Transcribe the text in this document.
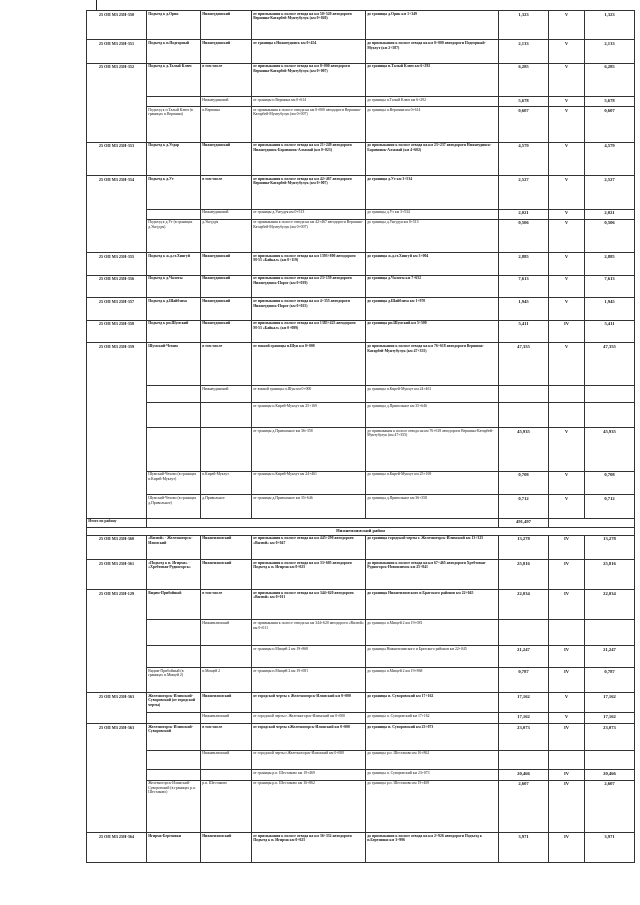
25 ОП МЗ 25Н-350	Подъезд к д.Орик	Нижнеудинский	от примыкания к полосе отвода на км 50+520 автодороги Вершина-Катарбей-Мунтубулук (км 0+020)	до границы д.Орик км 1+349	1,323	V	1,323
25 ОП МЗ 25Н-351	Подъезд к п.Подгорный	Нижнеудинский	от границы г.Нижнеудинск км 0+454	до примыкания к полосе отвода на км 0+000 автодороги Подгорный-Мукхут (км 2+587)	2,133	V	2,133
25 ОП МЗ 25Н-352	Подъезд к д.Талый Ключ	в том числе	от примыкания к полосе отвода на км 0+000 автодороги Вершина-Катарбей-Мунтубулук (км 0+007)	до границы п.Талый Ключ км 6+292	6,285	V	6,285
		Нижнеудинский	от границы п.Вершина км 0+614	до границы п.Талый Ключ км 6+292	5,678	V	5,678
	Подъезд к п.Талый Ключ (в границах п.Вершина)	п.Вершина	от примыкания к полосе отвода на км 0+000 автодороги Вершина-Катарбей-Мунтубулук (км 0+007)	до границы п.Вершина км 0+614	0,607	V	0,607
25 ОП МЗ 25Н-353	Подъезд к д.Угдар	Нижнеудинский	от примыкания к полосе отвода на км 21+249 автодороги Нижнеудинск-Боровинок-Алзамай (км 0+023)	до примыкания к полосе отвода на км 23+237 автодороги Нижнеудинск-Боровинок-Алзамай (км 4+602)	4,579	V	4,579
25 ОП МЗ 25Н-354	Подъезд к д.Ут	в том числе	от примыкания к полосе отвода на км 42+467 автодороги Вершина-Катарбей-Мунтубулук (км 0+007)	до границы д.Ут км 3+534	2,527	V	2,527
		Нижнеудинский	от границы д.Унгудуя км 0+513	до границы д.Ут км 3+534	2,021	V	2,021
	Подъезд к д.Ут (в границах д.Унгудуя)	д.Унгудуя	от примыкания к полосе отвода на км 42+467 автодороги Вершина-Катарбей-Мунтубулук (км 0+007)	до границы д.Унгудуя км 0+513	0,506	V	0,506
25 ОП МЗ 25Н-355	Подъезд к ж.д.ст.Хингуй	Нижнеудинский	от примыкания к полосе отвода на км 1393+800 автодороги М-53 «Байкал» (км 0+119)	до границы ж.д.ст.Хингуй км 3+004	2,885	V	2,885
25 ОП МЗ 25Н-356	Подъезд к д.Чалоты	Нижнеудинский	от примыкания к полосе отвода на км 23+159 автодороги Нижнеудинск-Порог (км 0+039)	до границы д.Чалоты км 7+652	7,613	V	7,613
25 ОП МЗ 25Н-357	Подъезд к д.Шайбэиха	Нижнеудинский	от примыкания к полосе отвода на км 4+355 автодороги Нижнеудинск-Порог (км 0+025)	до границы д.Шайбэиха км 1+970	1,945	V	1,945
25 ОП МЗ 25Н-358	Подъезд к рп.Шумский	Нижнеудинский	от примыкания к полосе отвода на км 1385+425 автодороги М-53 «Байкал» (км 0+089)	до границы рп.Шумский км 5+500	5,411	IV	5,411
25 ОП МЗ 25Н-359	Шумский-Чехово	в том числе	от южной границы п.Шун км 0+000	до примыкания к полосе отвода на км 76+618 автодороги Вершина-Катарбей-Мунтубулук (км 47+355)	47,355	V	47,355
		Нижнеудинский	от южной границы п.Шун км 0+000	до границы п.Кирей-Мукхут км 24+461			
			от границы п.Кирей-Мукхут км 25+169	до границы д.Привольное км 35+646			
			от границы д.Привольное км 36+358	до примыкания к полосе отвода на км 76+618 автодороги Вершина-Катарбей-Мунтубулук (км 47+355)	45,935	V	45,935
	Шумский-Чехово (в границах п.Кирей-Мукхут)	п.Кирей-Мукхут	от границы п.Кирей-Мукхут км 24+461	до границы п.Кирей-Мукхут км 25+169	0,708	V	0,708
	Шумский-Чехово (в границах д.Привольное)	д.Привольное	от границы д.Привольное км 35+646	до границы д.Привольное км 36+358	0,712	V	0,712
Итого по району					491,497		
Нижнеилимский район							
25 ОП МЗ 25Н-360	«Вилюй» - Железногорск-Илимский	Нижнеилимский	от примыкания к полосе отвода на км 445+290 автодороги «Вилюй» км 0+047	до границы городской черты г. Железногорск-Илимский км 13+325	13,278	IV	13,278
25 ОП МЗ 25Н-361	«Подъезд к п. Игирма» - «Хребтовая-Рудногорск»	Нижнеилимский	от примыкания к полосе отвода на км 33+605 автодороги Подъезд к п. Игирма км 0+025	до примыкания к полосе отвода на км 67+465 автодороги Хребтовая-Рудногорск-Новоилимск км 25+841	25,816	IV	25,816
25 ОП МЗ 25Н-129	Видим-Прибойный	в том числе	от примыкания к полосе отвода на км 344+620 автодороги «Вилюй» км 0+011	до границы Нижнеилимского и Братского районов км 22+045	22,034	IV	22,034
		Нижнеилимский	от примыкания к полосе отвода на км 344+620 автодороги «Вилюй» км 0+011	до границы п.Мищей 2 км 19+081			
			от границы п.Мищей 2 км 19+868	до границы Нижнеилимского и Братского районов км 22+045	21,247	IV	21,247
	Видим-Прибойный (в границах п.Мищей 2)	п.Мищей 2	от границы п.Мищей 2 км 19+081	до границы п.Мищей 2 км 19+868	0,787	IV	0,787
25 ОП МЗ 25Н-363	Железногорск-Илимский-Суворовский (от городской черты)	Нижнеилимский	от городской черты г. Железногорск-Илимский км 0+000	до границы п. Суворовский км 17+162	17,162	V	17,162
		Нижнеилимский	от городской черты г. Железногорск-Илимский км 0+000	до границы п. Суворовский км 17+162	17,162	V	17,162
25 ОП МЗ 25Н-363	Железногорск-Илимский-Суворовский	в том числе	от городской черты г.Железногорск-Илимский км 0+000	до границы п. Суворовский км 23+073	23,073	IV	23,073
		Нижнеилимский	от городской черты г.Железногорск-Илимский км 0+000	до границы р.п. Шестаково км 16+862			
			от границы р.п. Шестаково км 19+469	до границы п. Суворовский км 23+073	20,466	IV	20,466
	Железногорск-Илимский-Суворовский (в границах р.п. Шестаково)	р.п. Шестаково	от границы р.п. Шестаково км 16+862	до границы р.п. Шестаково км 19+469	2,607	IV	2,607
25 ОП МЗ 25Н-364	Игирма-Березняки	Нижнеилимский	от примыкания к полосе отвода на км 36+332 автодороги Подъезд к п. Игирма км 0+025	до примыкания к полосе отвода на км 2+926 автодороги Подъезд к п.Березняки км 3+996	3,971	IV	3,971
